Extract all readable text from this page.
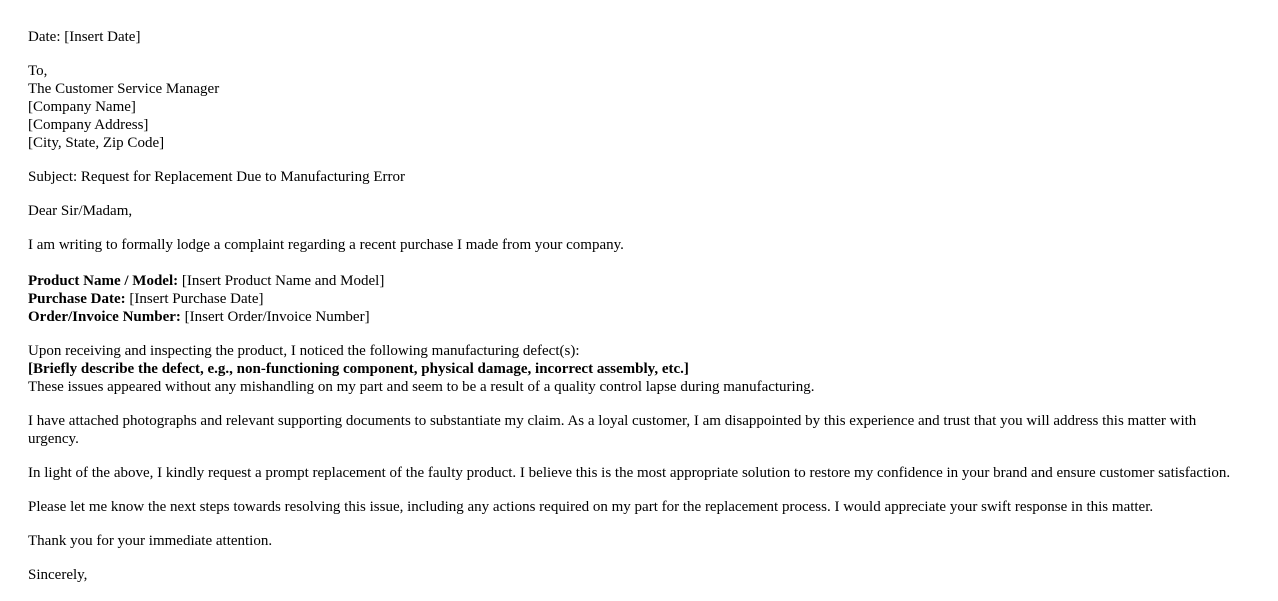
Date: [Insert Date]
To,
The Customer Service Manager
[Company Name]
[Company Address]
[City, State, Zip Code]
Subject: Request for Replacement Due to Manufacturing Error
Dear Sir/Madam,
I am writing to formally lodge a complaint regarding a recent purchase I made from your company.
Product Name / Model: [Insert Product Name and Model]
Purchase Date: [Insert Purchase Date]
Order/Invoice Number: [Insert Order/Invoice Number]
Upon receiving and inspecting the product, I noticed the following manufacturing defect(s):
[Briefly describe the defect, e.g., non-functioning component, physical damage, incorrect assembly, etc.]
These issues appeared without any mishandling on my part and seem to be a result of a quality control lapse during manufacturing.
I have attached photographs and relevant supporting documents to substantiate my claim. As a loyal customer, I am disappointed by this experience and trust that you will address this matter with urgency.
In light of the above, I kindly request a prompt replacement of the faulty product. I believe this is the most appropriate solution to restore my confidence in your brand and ensure customer satisfaction.
Please let me know the next steps towards resolving this issue, including any actions required on my part for the replacement process. I would appreciate your swift response in this matter.
Thank you for your immediate attention.
Sincerely,
